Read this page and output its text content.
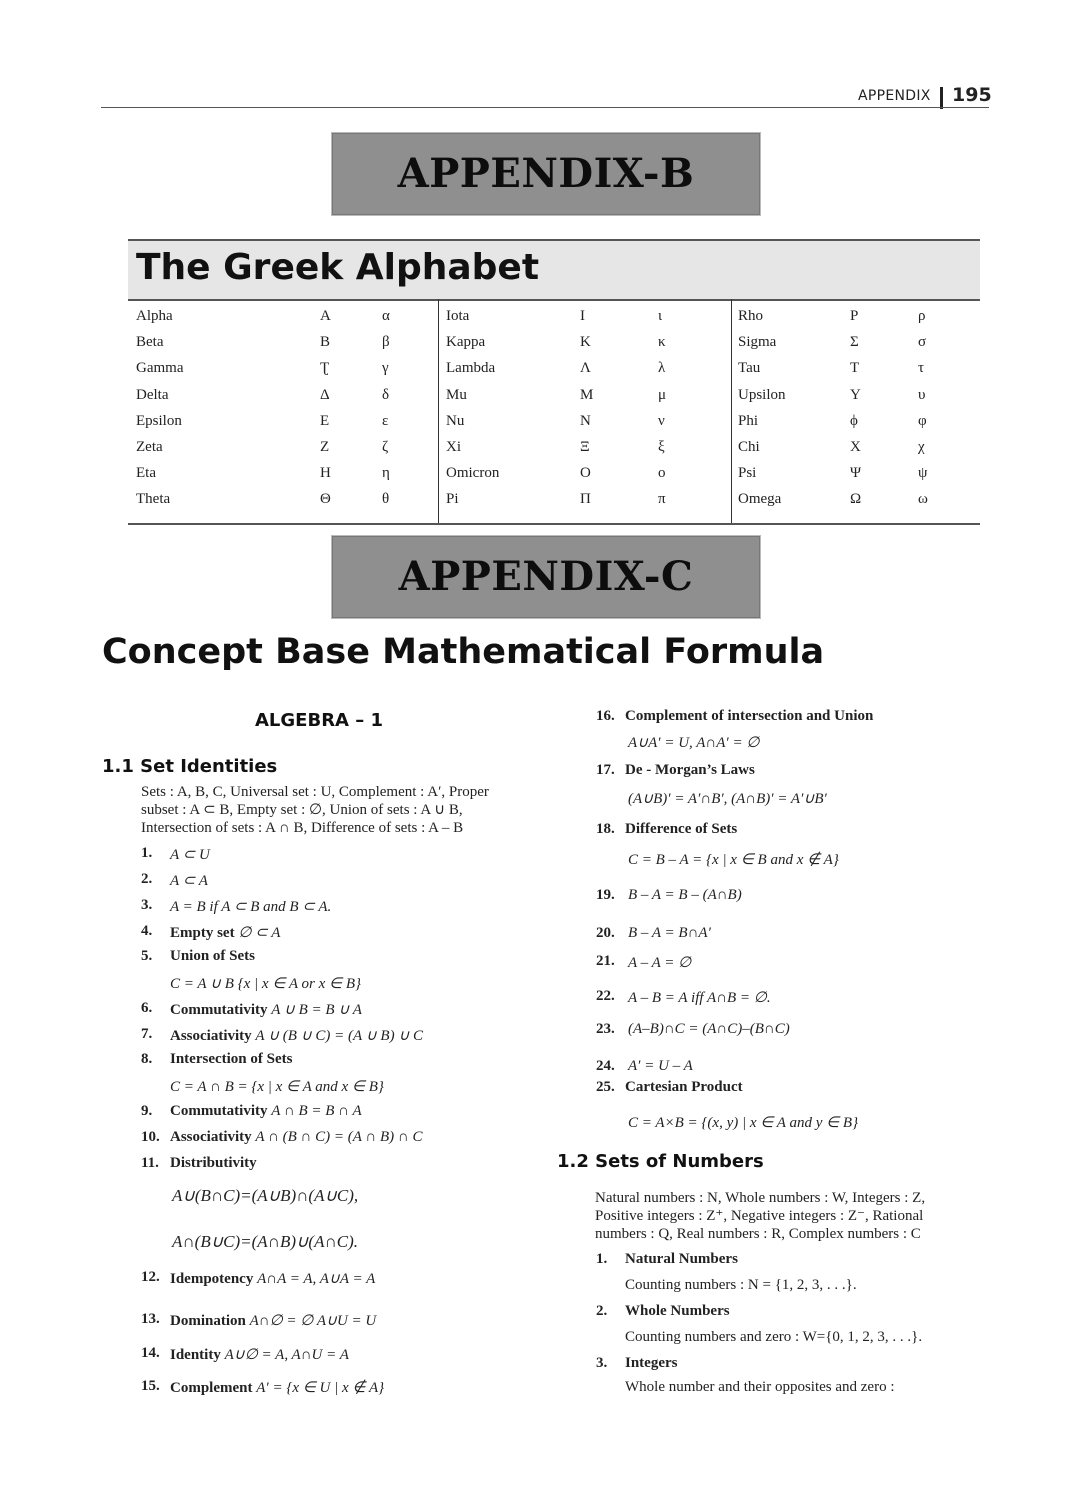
APPENDIX 195
APPENDIX-B
The Greek Alphabet
Alpha	A	α
Beta	B	β
Gamma	Ʈ	γ
Delta	Δ	δ
Epsilon	E	ε
Zeta	Z	ζ
Eta	H	η
Theta	Θ	θ
Iota	I	ι
Kappa	K	κ
Lambda	Λ	λ
Mu	M	μ
Nu	N	ν
Xi	Ξ	ξ
Omicron	O	ο
Pi	Π	π
Rho	P	ρ
Sigma	Σ	σ
Tau	T	τ
Upsilon	Y	υ
Phi	ϕ	φ
Chi	X	χ
Psi	Ψ	ψ
Omega	Ω	ω
APPENDIX-C
Concept Base Mathematical Formula
ALGEBRA – 1
1.1 Set Identities
Sets : A, B, C, Universal set : U, Complement : A′, Proper
subset : A ⊂ B, Empty set : ∅, Union of sets : A ∪ B,
Intersection of sets : A ∩ B, Difference of sets : A – B
1. A ⊂ U
2. A ⊂ A
3. A = B if A ⊂ B and B ⊂ A.
4. Empty set ∅ ⊂ A
5. Union of Sets
C = A ∪ B {x | x ∈ A or x ∈ B}
6. Commutativity A ∪ B = B ∪ A
7. Associativity A ∪ (B ∪ C) = (A ∪ B) ∪ C
8. Intersection of Sets
C = A ∩ B = {x | x ∈ A and x ∈ B}
9. Commutativity A ∩ B = B ∩ A
10. Associativity A ∩ (B ∩ C) = (A ∩ B) ∩ C
11. Distributivity
A∪(B∩C)=(A∪B)∩(A∪C),
A∩(B∪C)=(A∩B)∪(A∩C).
12. Idempotency A∩A = A, A∪A = A
13. Domination A∩∅ = ∅ A∪U = U
14. Identity A∪∅ = A, A∩U = A
15. Complement A′ = {x ∈ U | x ∉ A}
16. Complement of intersection and Union
A∪A′ = U, A∩A′ = ∅
17. De - Morgan’s Laws
(A∪B)′ = A′∩B′, (A∩B)′ = A′∪B′
18. Difference of Sets
C = B – A = {x | x ∈ B and x ∉ A}
19. B – A = B – (A∩B)
20. B – A = B∩A′
21. A – A = ∅
22. A – B = A iff A∩B = ∅.
23. (A–B)∩C = (A∩C)–(B∩C)
24. A′ = U – A
25. Cartesian Product
C = A×B = {(x, y) | x ∈ A and y ∈ B}
1.2 Sets of Numbers
Natural numbers : N, Whole numbers : W, Integers : Z,
Positive integers : Z⁺, Negative integers : Z⁻, Rational
numbers : Q, Real numbers : R, Complex numbers : C
1. Natural Numbers
Counting numbers : N = {1, 2, 3, . . .}.
2. Whole Numbers
Counting numbers and zero : W={0, 1, 2, 3, . . .}.
3. Integers
Whole number and their opposites and zero :
